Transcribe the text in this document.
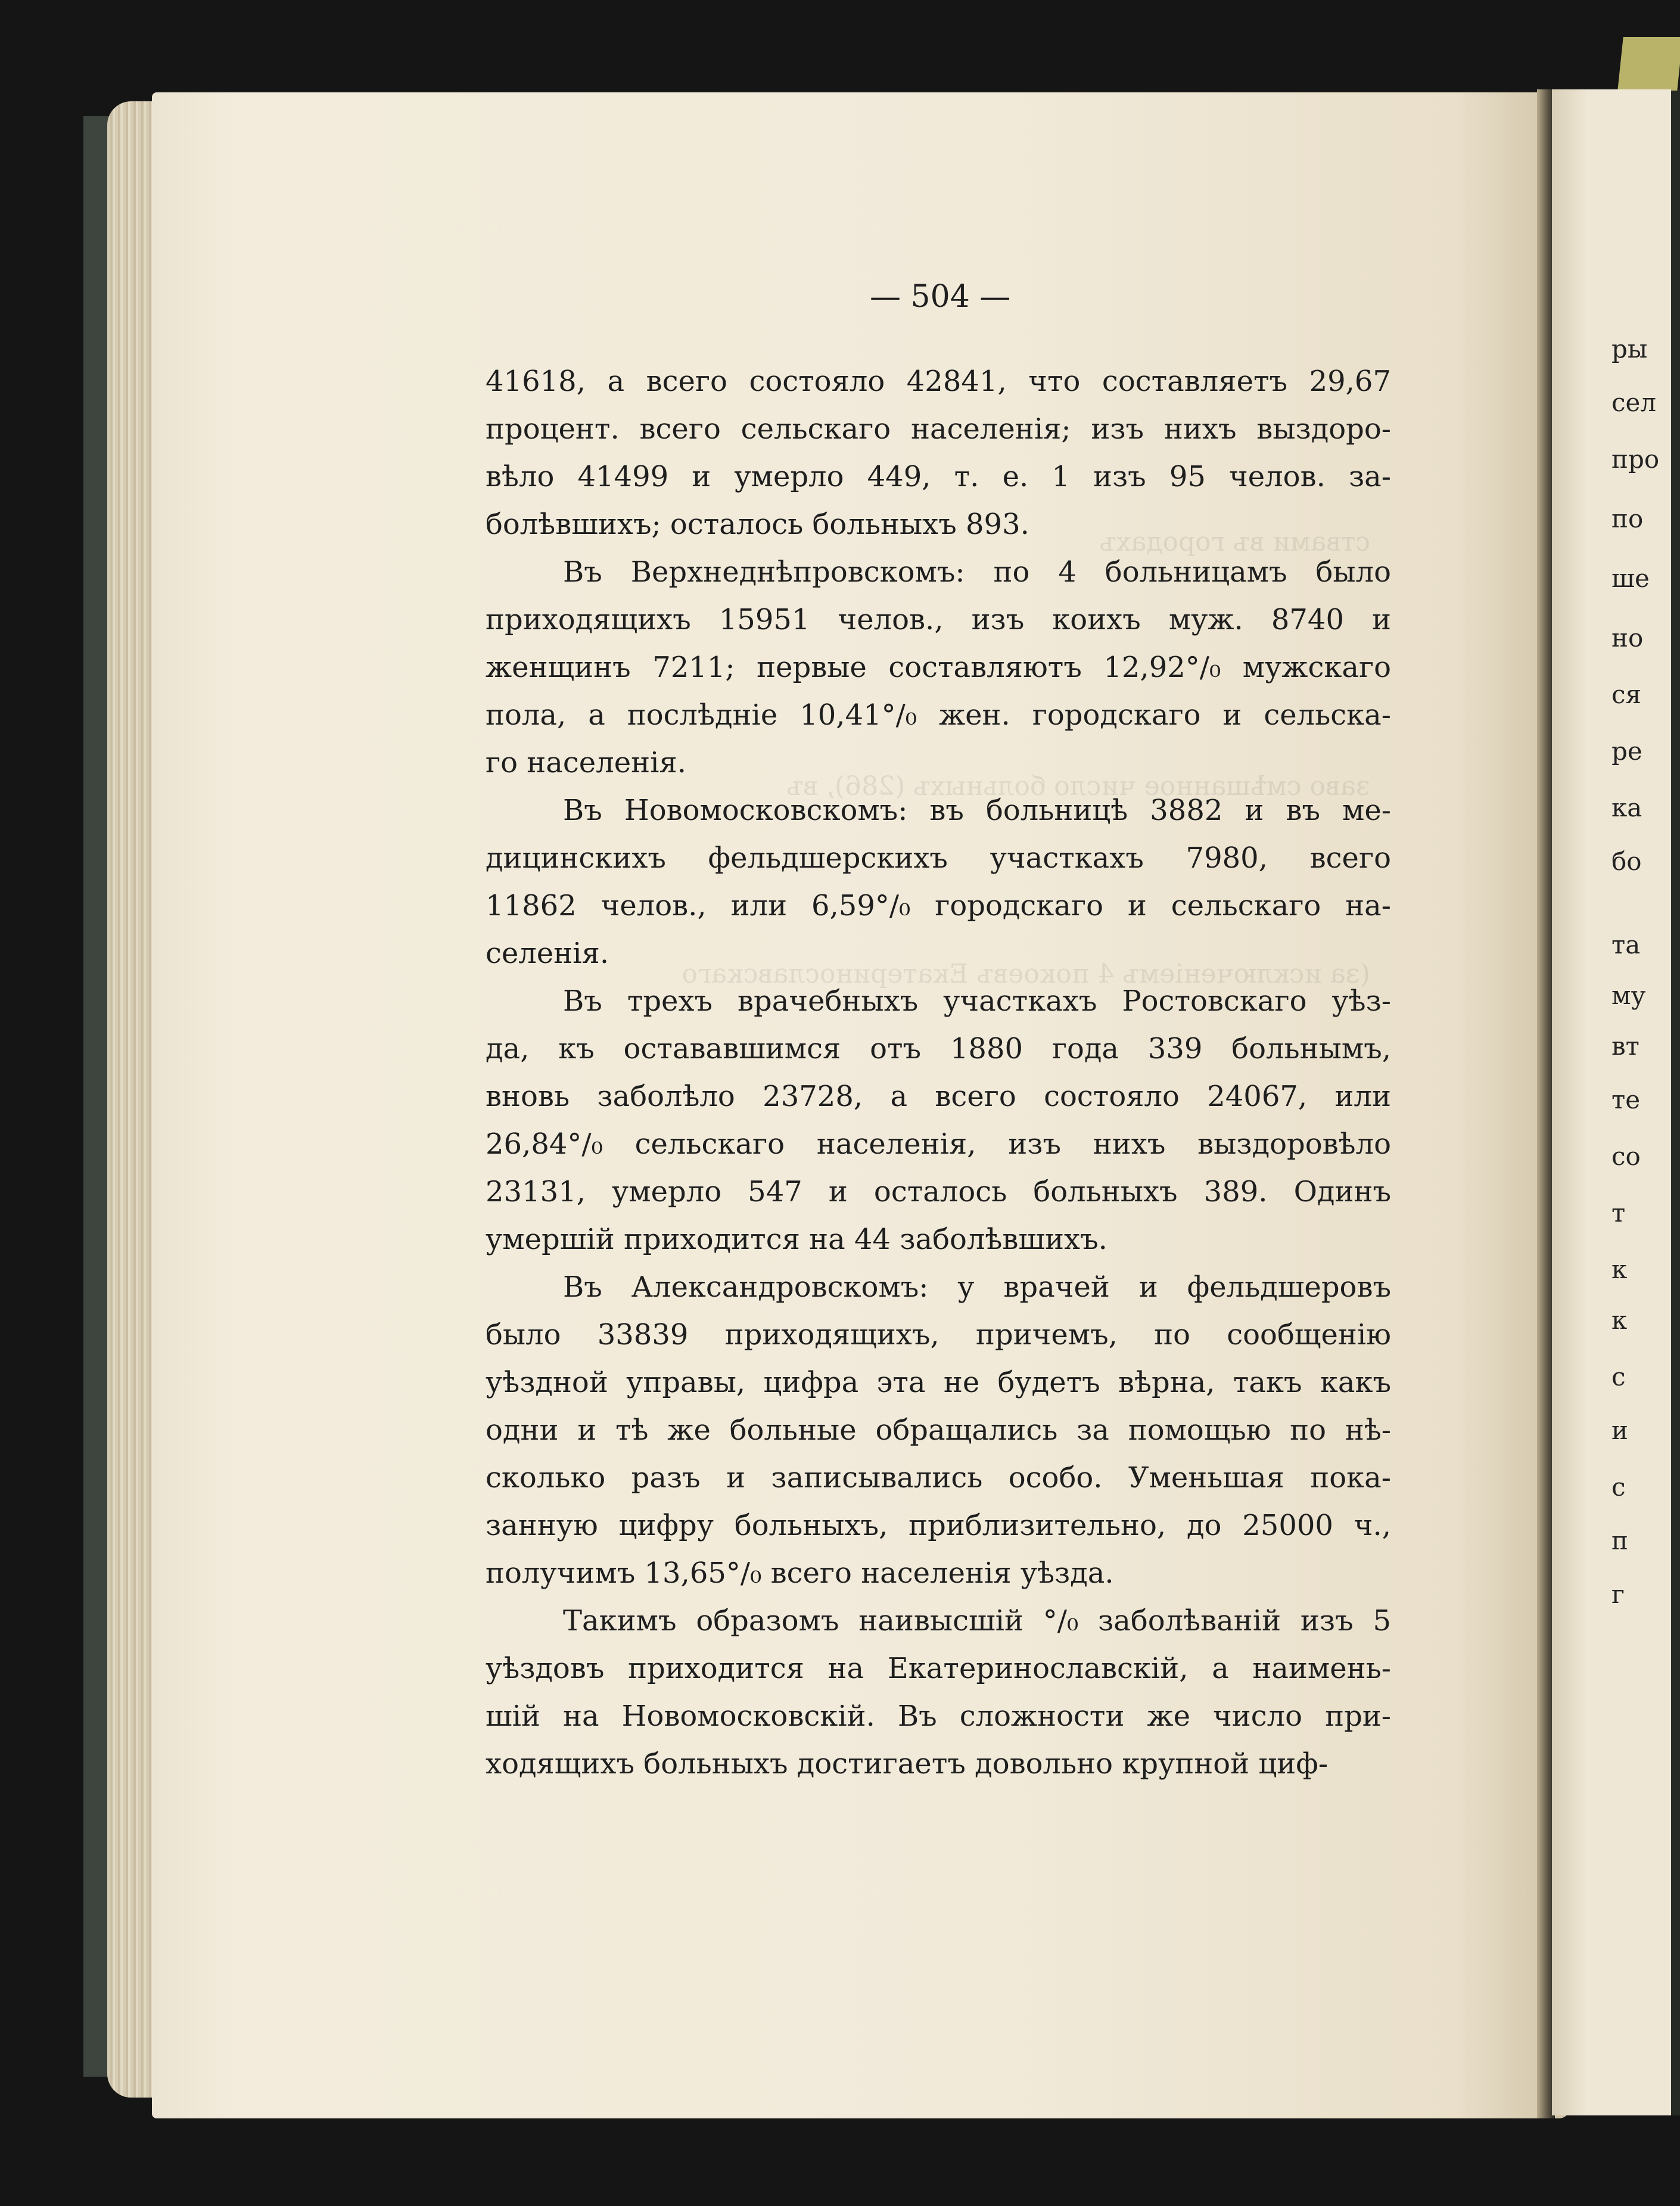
ры
сел
про
по
ше
но
ся
ре
ка
бо
та
му
вт
те
со
т
к
к
с
и
с
п
г
ствами въ городахъ
заво смѣшанное число больныхъ (286), въ
(за исключеніемъ 4 покоевъ Екатеринославскаго
— 504 —
41618, а всего состояло 42841, что составляетъ 29,67
процент. всего сельскаго населенія; изъ нихъ выздоро-
вѣло 41499 и умерло 449, т. е. 1 изъ 95 челов. за-
болѣвшихъ; осталось больныхъ 893.
Въ Верхнеднѣпровскомъ: по 4 больницамъ было
приходящихъ 15951 челов., изъ коихъ муж. 8740 и
женщинъ 7211; первые составляютъ 12,92°/₀ мужскаго
пола, а послѣдніе 10,41°/₀ жен. городскаго и сельска-
го населенія.
Въ Новомосковскомъ: въ больницѣ 3882 и въ ме-
дицинскихъ фельдшерскихъ участкахъ 7980, всего
11862 челов., или 6,59°/₀ городскаго и сельскаго на-
селенія.
Въ трехъ врачебныхъ участкахъ Ростовскаго уѣз-
да, къ остававшимся отъ 1880 года 339 больнымъ,
вновь заболѣло 23728, а всего состояло 24067, или
26,84°/₀ сельскаго населенія, изъ нихъ выздоровѣло
23131, умерло 547 и осталось больныхъ 389. Одинъ
умершій приходится на 44 заболѣвшихъ.
Въ Александровскомъ: у врачей и фельдшеровъ
было 33839 приходящихъ, причемъ, по сообщенію
уѣздной управы, цифра эта не будетъ вѣрна, такъ какъ
одни и тѣ же больные обращались за помощью по нѣ-
сколько разъ и записывались особо. Уменьшая пока-
занную цифру больныхъ, приблизительно, до 25000 ч.,
получимъ 13,65°/₀ всего населенія уѣзда.
Такимъ образомъ наивысшій °/₀ заболѣваній изъ 5
уѣздовъ приходится на Екатеринославскій, а наимень-
шій на Новомосковскій. Въ сложности же число при-
ходящихъ больныхъ достигаетъ довольно крупной циф-
